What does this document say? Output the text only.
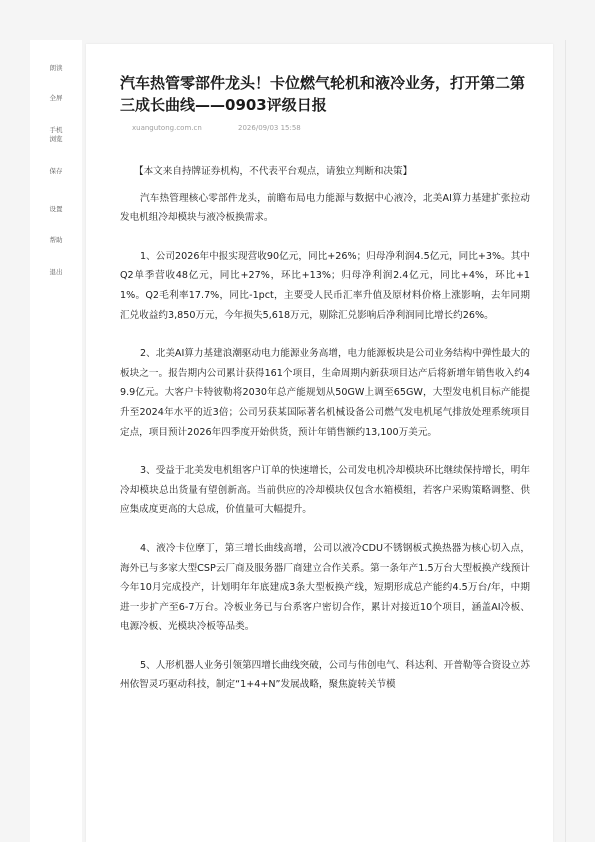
朗读
全屏
手机
浏览
保存
设置
帮助
退出
汽车热管零部件龙头！卡位燃气轮机和液冷业务，打开第二第三成长曲线——0903评级日报
xuangutong.com.cn	2026/09/03 15:58

【本文来自持牌证券机构，不代表平台观点，请独立判断和决策】

汽车热管理核心零部件龙头，前瞻布局电力能源与数据中心液冷，北美AI算力基建扩张拉动发电机组冷却模块与液冷板换需求。

1、公司2026年中报实现营收90亿元，同比+26%；归母净利润4.5亿元，同比+3%。其中Q2单季营收48亿元，同比+27%，环比+13%；归母净利润2.4亿元，同比+4%，环比+11%。Q2毛利率17.7%，同比-1pct，主要受人民币汇率升值及原材料价格上涨影响，去年同期汇兑收益约3,850万元，今年损失5,618万元，剔除汇兑影响后净利润同比增长约26%。

2、北美AI算力基建浪潮驱动电力能源业务高增，电力能源板块是公司业务结构中弹性最大的板块之一。报告期内公司累计获得161个项目，生命周期内新获项目达产后将新增年销售收入约49.9亿元。大客户卡特彼勒将2030年总产能规划从50GW上调至65GW，大型发电机目标产能提升至2024年水平的近3倍；公司另获某国际著名机械设备公司燃气发电机尾气排放处理系统项目定点，项目预计2026年四季度开始供货，预计年销售额约13,100万美元。

3、受益于北美发电机组客户订单的快速增长，公司发电机冷却模块环比继续保持增长，明年冷却模块总出货量有望创新高。当前供应的冷却模块仅包含水箱模组，若客户采购策略调整、供应集成度更高的大总成，价值量可大幅提升。

4、液冷卡位摩丁，第三增长曲线高增，公司以液冷CDU不锈钢板式换热器为核心切入点，海外已与多家大型CSP云厂商及服务器厂商建立合作关系。第一条年产1.5万台大型板换产线预计今年10月完成投产，计划明年年底建成3条大型板换产线，短期形成总产能约4.5万台/年，中期进一步扩产至6-7万台。冷板业务已与台系客户密切合作，累计对接近10个项目，涵盖AI冷板、电源冷板、光模块冷板等品类。

5、人形机器人业务引领第四增长曲线突破，公司与伟创电气、科达利、开普勒等合资设立苏州依智灵巧驱动科技，制定“1+4+N”发展战略，聚焦旋转关节模
